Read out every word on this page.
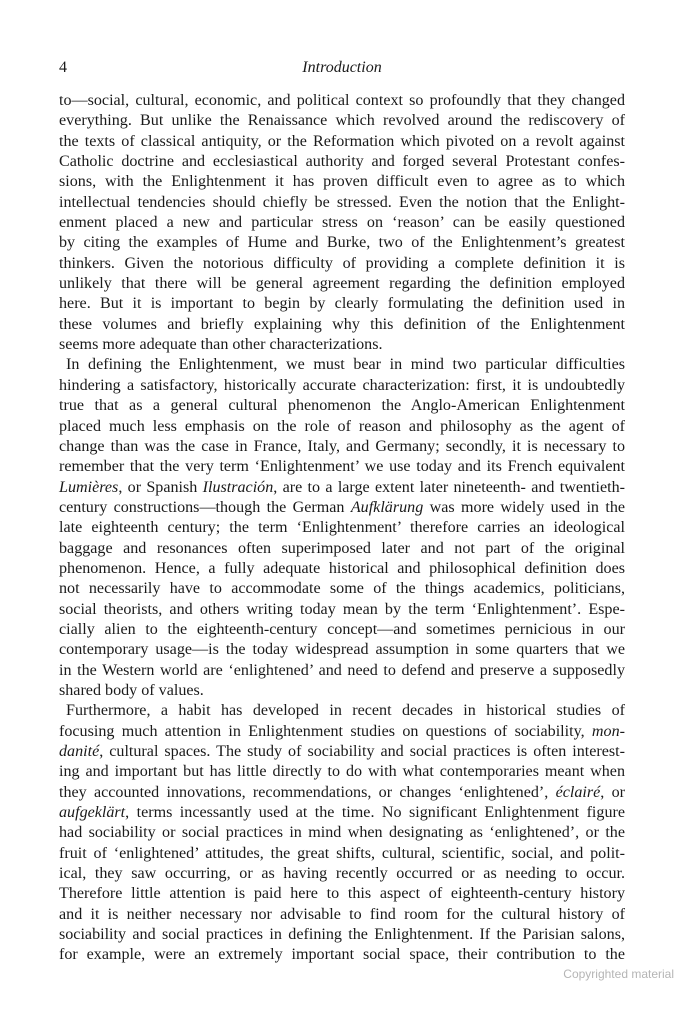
4	Introduction
to—social, cultural, economic, and political context so profoundly that they changed
everything. But unlike the Renaissance which revolved around the rediscovery of
the texts of classical antiquity, or the Reformation which pivoted on a revolt against
Catholic doctrine and ecclesiastical authority and forged several Protestant confes-
sions, with the Enlightenment it has proven difficult even to agree as to which
intellectual tendencies should chiefly be stressed. Even the notion that the Enlight-
enment placed a new and particular stress on ‘reason’ can be easily questioned
by citing the examples of Hume and Burke, two of the Enlightenment’s greatest
thinkers. Given the notorious difficulty of providing a complete definition it is
unlikely that there will be general agreement regarding the definition employed
here. But it is important to begin by clearly formulating the definition used in
these volumes and briefly explaining why this definition of the Enlightenment
seems more adequate than other characterizations.
In defining the Enlightenment, we must bear in mind two particular difficulties
hindering a satisfactory, historically accurate characterization: first, it is undoubtedly
true that as a general cultural phenomenon the Anglo-American Enlightenment
placed much less emphasis on the role of reason and philosophy as the agent of
change than was the case in France, Italy, and Germany; secondly, it is necessary to
remember that the very term ‘Enlightenment’ we use today and its French equivalent
Lumières, or Spanish Ilustración, are to a large extent later nineteenth- and twentieth-
century constructions—though the German Aufklärung was more widely used in the
late eighteenth century; the term ‘Enlightenment’ therefore carries an ideological
baggage and resonances often superimposed later and not part of the original
phenomenon. Hence, a fully adequate historical and philosophical definition does
not necessarily have to accommodate some of the things academics, politicians,
social theorists, and others writing today mean by the term ‘Enlightenment’. Espe-
cially alien to the eighteenth-century concept—and sometimes pernicious in our
contemporary usage—is the today widespread assumption in some quarters that we
in the Western world are ‘enlightened’ and need to defend and preserve a supposedly
shared body of values.
Furthermore, a habit has developed in recent decades in historical studies of
focusing much attention in Enlightenment studies on questions of sociability, mon-
danité, cultural spaces. The study of sociability and social practices is often interest-
ing and important but has little directly to do with what contemporaries meant when
they accounted innovations, recommendations, or changes ‘enlightened’, éclairé, or
aufgeklärt, terms incessantly used at the time. No significant Enlightenment figure
had sociability or social practices in mind when designating as ‘enlightened’, or the
fruit of ‘enlightened’ attitudes, the great shifts, cultural, scientific, social, and polit-
ical, they saw occurring, or as having recently occurred or as needing to occur.
Therefore little attention is paid here to this aspect of eighteenth-century history
and it is neither necessary nor advisable to find room for the cultural history of
sociability and social practices in defining the Enlightenment. If the Parisian salons,
for example, were an extremely important social space, their contribution to the
Copyrighted material
